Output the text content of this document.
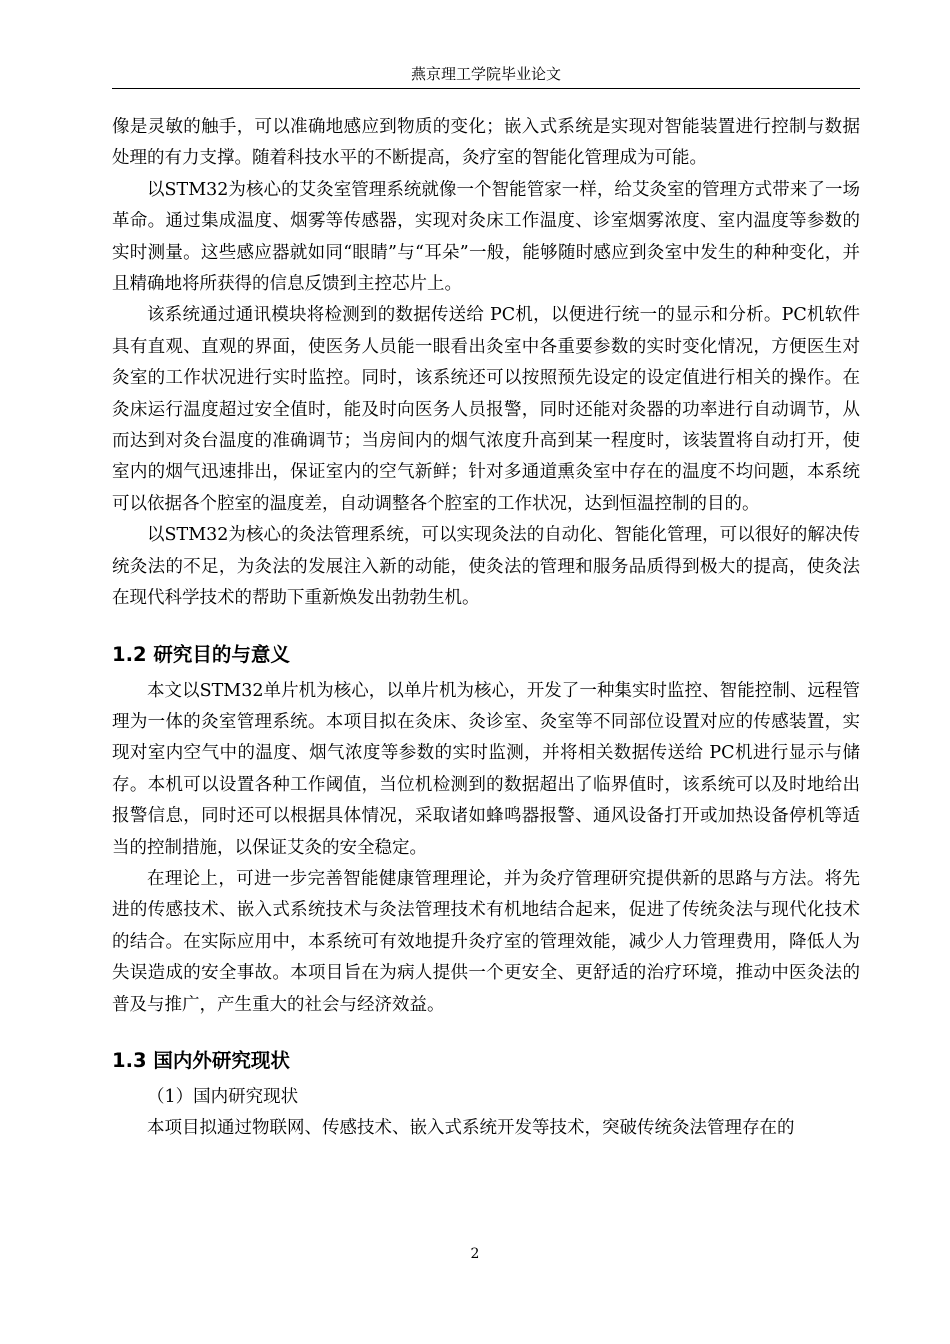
燕京理工学院毕业论文

像是灵敏的触手，可以准确地感应到物质的变化；嵌入式系统是实现对智能装置进行控制与数据处理的有力支撑。随着科技水平的不断提高，灸疗室的智能化管理成为可能。

以STM32为核心的艾灸室管理系统就像一个智能管家一样，给艾灸室的管理方式带来了一场革命。通过集成温度、烟雾等传感器，实现对灸床工作温度、诊室烟雾浓度、室内温度等参数的实时测量。这些感应器就如同“眼睛”与“耳朵”一般，能够随时感应到灸室中发生的种种变化，并且精确地将所获得的信息反馈到主控芯片上。

该系统通过通讯模块将检测到的数据传送给 PC机，以便进行统一的显示和分析。PC机软件具有直观、直观的界面，使医务人员能一眼看出灸室中各重要参数的实时变化情况，方便医生对灸室的工作状况进行实时监控。同时，该系统还可以按照预先设定的设定值进行相关的操作。在灸床运行温度超过安全值时，能及时向医务人员报警，同时还能对灸器的功率进行自动调节，从而达到对灸台温度的准确调节；当房间内的烟气浓度升高到某一程度时，该装置将自动打开，使室内的烟气迅速排出，保证室内的空气新鲜；针对多通道熏灸室中存在的温度不均问题，本系统可以依据各个腔室的温度差，自动调整各个腔室的工作状况，达到恒温控制的目的。

以STM32为核心的灸法管理系统，可以实现灸法的自动化、智能化管理，可以很好的解决传统灸法的不足，为灸法的发展注入新的动能，使灸法的管理和服务品质得到极大的提高，使灸法在现代科学技术的帮助下重新焕发出勃勃生机。

1.2 研究目的与意义

本文以STM32单片机为核心，以单片机为核心，开发了一种集实时监控、智能控制、远程管理为一体的灸室管理系统。本项目拟在灸床、灸诊室、灸室等不同部位设置对应的传感装置，实现对室内空气中的温度、烟气浓度等参数的实时监测，并将相关数据传送给 PC机进行显示与储存。本机可以设置各种工作阈值，当位机检测到的数据超出了临界值时，该系统可以及时地给出报警信息，同时还可以根据具体情况，采取诸如蜂鸣器报警、通风设备打开或加热设备停机等适当的控制措施，以保证艾灸的安全稳定。

在理论上，可进一步完善智能健康管理理论，并为灸疗管理研究提供新的思路与方法。将先进的传感技术、嵌入式系统技术与灸法管理技术有机地结合起来，促进了传统灸法与现代化技术的结合。在实际应用中，本系统可有效地提升灸疗室的管理效能，减少人力管理费用，降低人为失误造成的安全事故。本项目旨在为病人提供一个更安全、更舒适的治疗环境，推动中医灸法的普及与推广，产生重大的社会与经济效益。

1.3 国内外研究现状

（1）国内研究现状

本项目拟通过物联网、传感技术、嵌入式系统开发等技术，突破传统灸法管理存在的

2
